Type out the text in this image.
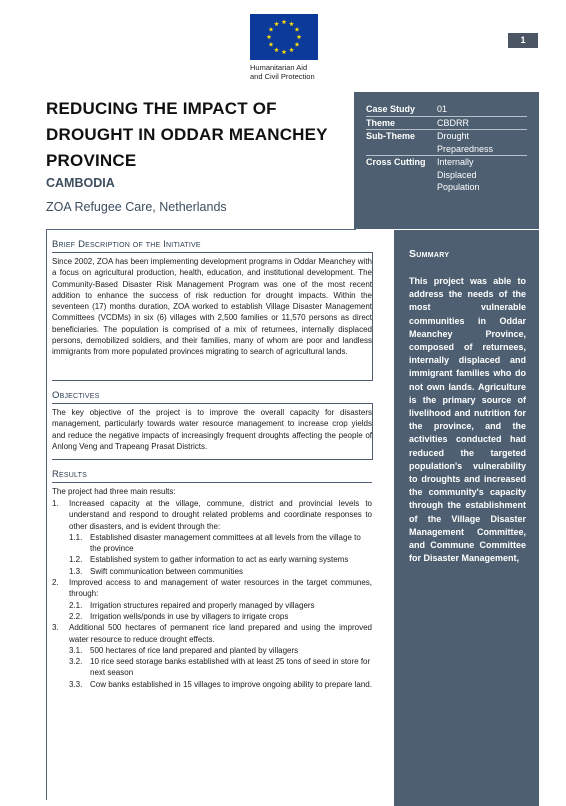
Humanitarian Aid
and Civil Protection
1
REDUCING THE IMPACT OF
DROUGHT IN ODDAR MEANCHEY
PROVINCE
CAMBODIA
ZOA Refugee Care, Netherlands
Case Study	01
Theme	CBDRR
Sub-Theme	Drought
Preparedness
Cross Cutting	Internally
Displaced
Population
Brief Description of the Initiative
Since 2002, ZOA has been implementing development programs in Oddar Meanchey with a focus on agricultural production, health, education, and institutional development. The Community-Based Disaster Risk Management Program was one of the most recent addition to enhance the success of risk reduction for drought impacts. Within the seventeen (17) months duration, ZOA worked to establish Village Disaster Management Committees (VCDMs) in six (6) villages with 2,500 families or 11,570 persons as direct beneficiaries. The population is comprised of a mix of returnees, internally displaced persons, demobilized soldiers, and their families, many of whom are poor and landless immigrants from more populated provinces migrating to search of agricultural lands.
Objectives
The key objective of the project is to improve the overall capacity for disasters management, particularly towards water resource management to increase crop yields and reduce the negative impacts of increasingly frequent droughts affecting the people of Anlong Veng and Trapeang Prasat Districts.
Results
The project had three main results:
1. Increased capacity at the village, commune, district and provincial levels to understand and respond to drought related problems and coordinate responses to other disasters, and is evident through the:
1.1. Established disaster management committees at all levels from the village to the province
1.2. Established system to gather information to act as early warning systems
1.3. Swift communication between communities
2. Improved access to and management of water resources in the target communes, through:
2.1. Irrigation structures repaired and properly managed by villagers
2.2. Irrigation wells/ponds in use by villagers to irrigate crops
3. Additional 500 hectares of permanent rice land prepared and using the improved water resource to reduce drought effects.
3.1. 500 hectares of rice land prepared and planted by villagers
3.2. 10 rice seed storage banks established with at least 25 tons of seed in store for next season
3.3. Cow banks established in 15 villages to improve ongoing ability to prepare land.
Summary
This project was able to address the needs of the most vulnerable communities in Oddar Meanchey Province, composed of returnees, internally displaced and immigrant families who do not own lands. Agriculture is the primary source of livelihood and nutrition for the province, and the activities conducted had reduced the targeted population's vulnerability to droughts and increased the community's capacity through the establishment of the Village Disaster Management Committee, and Commune Committee for Disaster Management,
